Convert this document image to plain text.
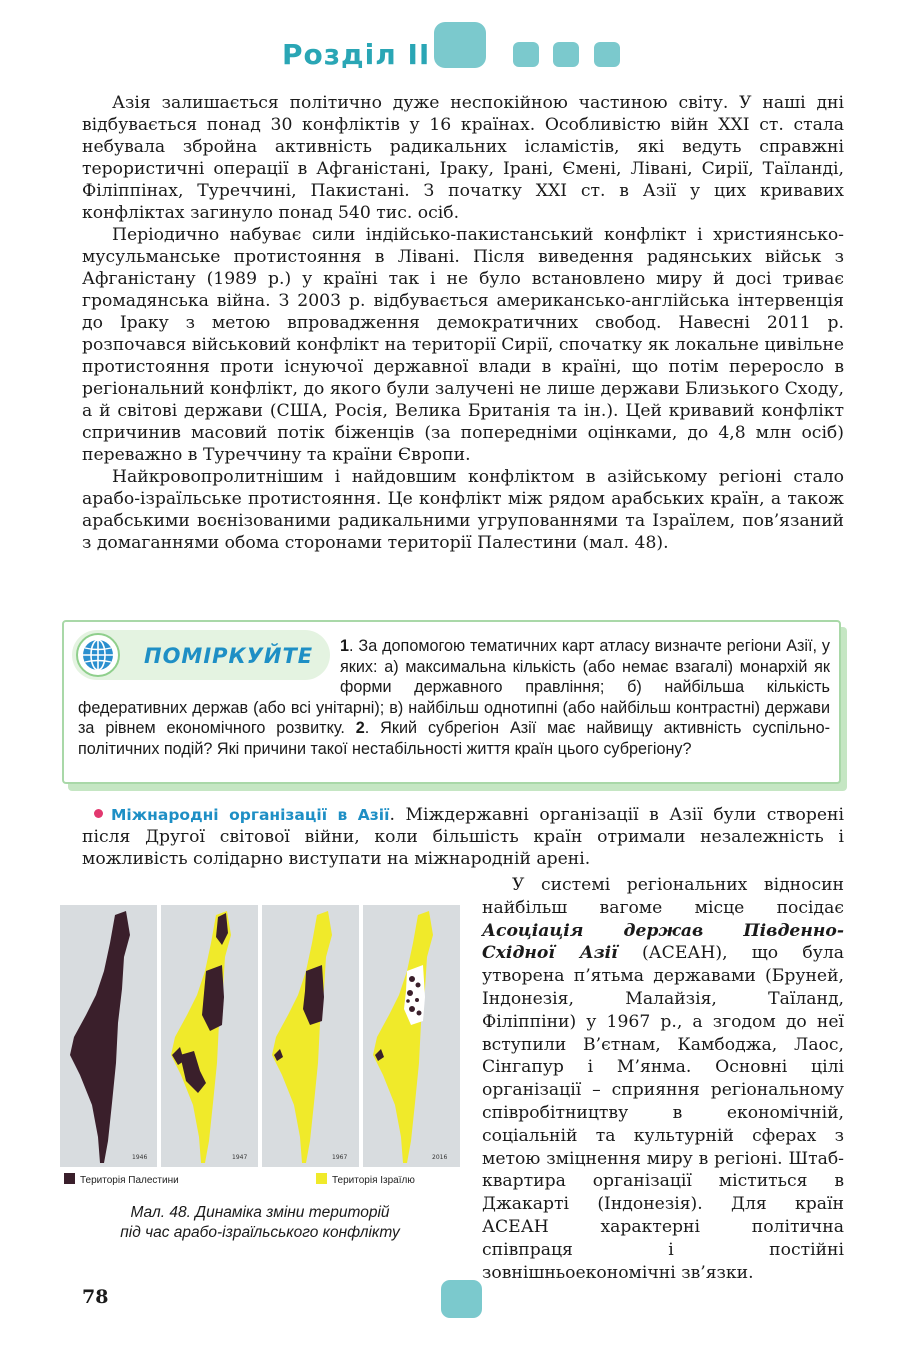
Розділ ІІ

Азія залишається політично дуже неспокійною частиною світу. У наші дні відбувається понад 30 конфліктів у 16 країнах. Особливістю війн XXI ст. стала небувала збройна активність радикальних ісламістів, які ведуть справжні терористичні операції в Афганістані, Іраку, Ірані, Ємені, Лівані, Сирії, Таїланді, Філіппінах, Туреччині, Пакистані. З початку XXI ст. в Азії у цих кривавих конфліктах загинуло понад 540 тис. осіб.

Періодично набуває сили індійсько-пакистанський конфлікт і християнсько-мусульманське протистояння в Лівані. Після виведення радянських військ з Афганістану (1989 р.) у країні так і не було встановлено миру й досі триває громадянська війна. З 2003 р. відбувається американсько-англійська інтервенція до Іраку з метою впровадження демократичних свобод. Навесні 2011 р. розпочався військовий конфлікт на території Сирії, спочатку як локальне цивільне протистояння проти існуючої державної влади в країні, що потім переросло в регіональний конфлікт, до якого були залучені не лише держави Близького Сходу, а й світові держави (США, Росія, Велика Британія та ін.). Цей кривавий конфлікт спричинив масовий потік біженців (за попередніми оцінками, до 4,8 млн осіб) переважно в Туреччину та країни Європи.

Найкровопролитнішим і найдовшим конфліктом в азійському регіоні стало арабо-ізраїльське протистояння. Це конфлікт між рядом арабських країн, а також арабськими воєнізованими радикальними угрупованнями та Ізраїлем, пов’язаний з домаганнями обома сторонами території Палестини (мал. 48).

1. За допомогою тематичних карт атласу визначте регіони Азії, у яких: а) максимальна кількість (або немає взагалі) монархій як форми державного правління; б) найбільша кількість федеративних держав (або всі унітарні); в) найбільш однотипні (або найбільш контрастні) держави за рівнем економічного розвитку. 2. Який субрегіон Азії має найвищу активність суспільно-політичних подій? Які причини такої нестабільності життя країн цього субрегіону?
ПОМІРКУЙТЕ

Міжнародні організації в Азії. Міждержавні організації в Азії були створені після Другої світової війни, коли більшість країн отримали незалежність і можливість солідарно виступати на міжнародній арені.

У системі регіональних відносин найбільш вагоме місце посідає Асоціація держав Південно-Східної Азії (АСЕАН), що була утворена п’ятьма державами (Бруней, Індонезія, Малайзія, Таїланд, Філіппіни) у 1967 р., а згодом до неї вступили В’єтнам, Камбоджа, Лаос, Сінгапур і М’янма. Основні цілі організації – сприяння регіональному співробітництву в економічній, соціальній та культурній сферах з метою зміцнення миру в регіоні. Штаб-квартира організації міститься в Джакарті (Індонезія). Для країн АСЕАН характерні політична співпраця і постійні зовнішньоекономічні зв’язки.

1946	1947	1967	2016
Територія Палестини	Територія Ізраїлю
Мал. 48. Динаміка зміни територій
під час арабо-ізраїльського конфлікту
78
